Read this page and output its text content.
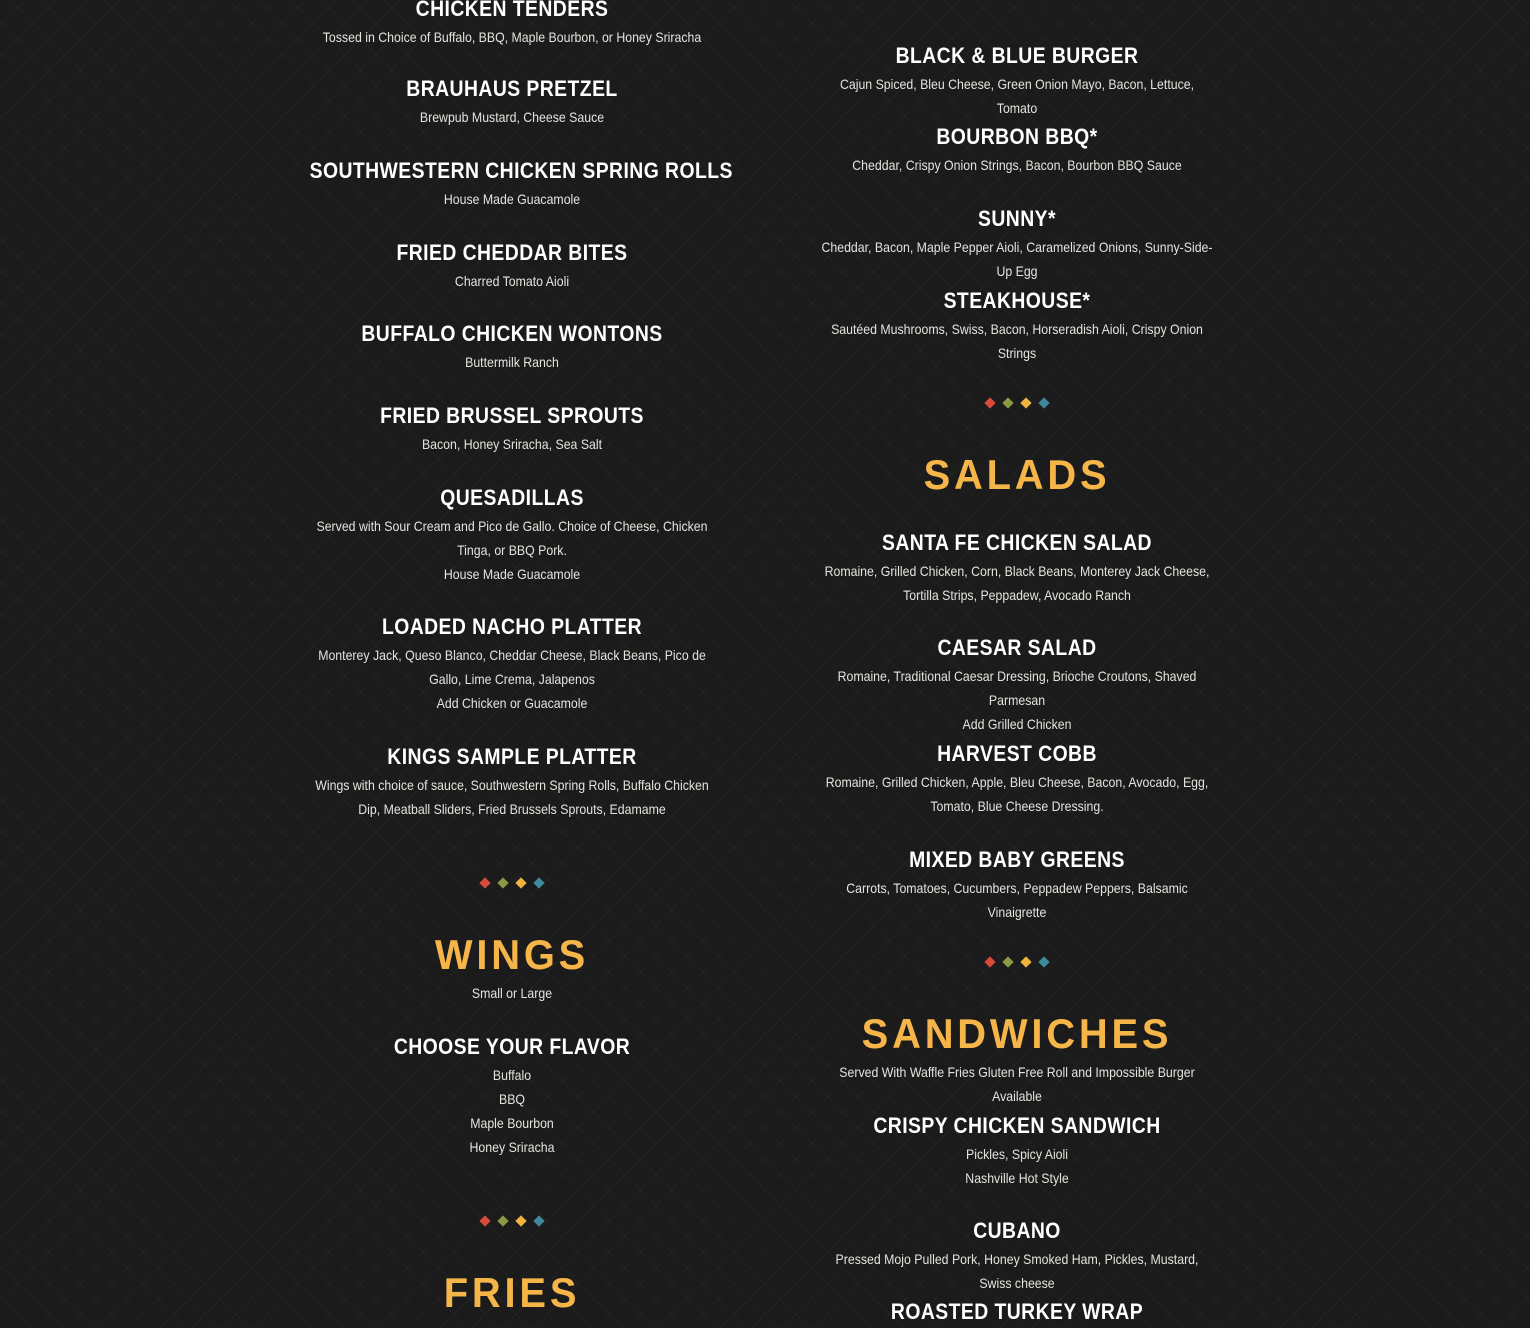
CHICKEN TENDERS
Tossed in Choice of Buffalo, BBQ, Maple Bourbon, or Honey Sriracha
BRAUHAUS PRETZEL
Brewpub Mustard, Cheese Sauce
SOUTHWESTERN CHICKEN SPRING ROLLS
House Made Guacamole
FRIED CHEDDAR BITES
Charred Tomato Aioli
BUFFALO CHICKEN WONTONS
Buttermilk Ranch
FRIED BRUSSEL SPROUTS
Bacon, Honey Sriracha, Sea Salt
QUESADILLAS
Served with Sour Cream and Pico de Gallo. Choice of Cheese, Chicken Tinga, or BBQ Pork.
House Made Guacamole
LOADED NACHO PLATTER
Monterey Jack, Queso Blanco, Cheddar Cheese, Black Beans, Pico de Gallo, Lime Crema, Jalapenos
Add Chicken or Guacamole
KINGS SAMPLE PLATTER
Wings with choice of sauce, Southwestern Spring Rolls, Buffalo Chicken Dip, Meatball Sliders, Fried Brussels Sprouts, Edamame
WINGS
Small or Large
CHOOSE YOUR FLAVOR
Buffalo
BBQ
Maple Bourbon
Honey Sriracha
FRIES
BLACK & BLUE BURGER
Cajun Spiced, Bleu Cheese, Green Onion Mayo, Bacon, Lettuce, Tomato
BOURBON BBQ*
Cheddar, Crispy Onion Strings, Bacon, Bourbon BBQ Sauce
SUNNY*
Cheddar, Bacon, Maple Pepper Aioli, Caramelized Onions, Sunny-Side-Up Egg
STEAKHOUSE*
Sautéed Mushrooms, Swiss, Bacon, Horseradish Aioli, Crispy Onion Strings
SALADS
SANTA FE CHICKEN SALAD
Romaine, Grilled Chicken, Corn, Black Beans, Monterey Jack Cheese, Tortilla Strips, Peppadew, Avocado Ranch
CAESAR SALAD
Romaine, Traditional Caesar Dressing, Brioche Croutons, Shaved Parmesan
Add Grilled Chicken
HARVEST COBB
Romaine, Grilled Chicken, Apple, Bleu Cheese, Bacon, Avocado, Egg, Tomato, Blue Cheese Dressing.
MIXED BABY GREENS
Carrots, Tomatoes, Cucumbers, Peppadew Peppers, Balsamic Vinaigrette
SANDWICHES
Served With Waffle Fries Gluten Free Roll and Impossible Burger Available
CRISPY CHICKEN SANDWICH
Pickles, Spicy Aioli
Nashville Hot Style
CUBANO
Pressed Mojo Pulled Pork, Honey Smoked Ham, Pickles, Mustard, Swiss cheese
ROASTED TURKEY WRAP
